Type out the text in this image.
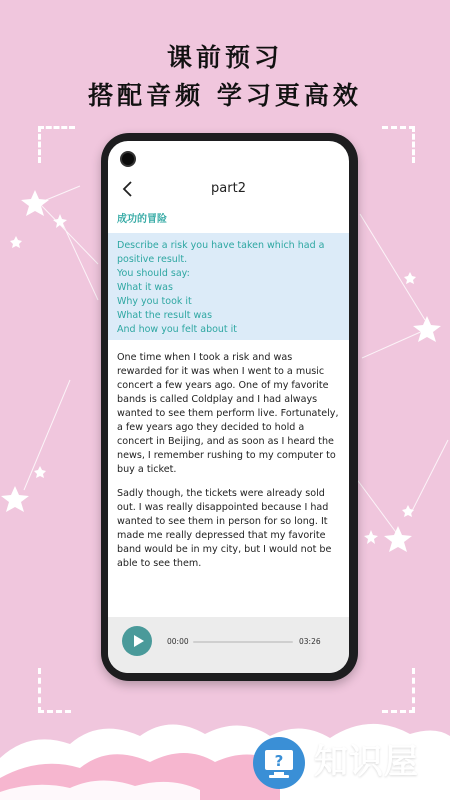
课前预习
搭配音频 学习更高效
part2
成功的冒险
Describe a risk you have taken which had a
positive result.
You should say:
What it was
Why you took it
What the result was
And how you felt about it
One time when I took a risk and was
rewarded for it was when I went to a music
concert a few years ago. One of my favorite
bands is called Coldplay and I had always
wanted to see them perform live. Fortunately,
a few years ago they decided to hold a
concert in Beijing, and as soon as I heard the
news, I remember rushing to my computer to
buy a ticket.
Sadly though, the tickets were already sold
out. I was really disappointed because I had
wanted to see them in person for so long. It
made me really depressed that my favorite
band would be in my city, but I would not be
able to see them.
00:00	03:26
? 知识屋 ®
zhishiwu.com
